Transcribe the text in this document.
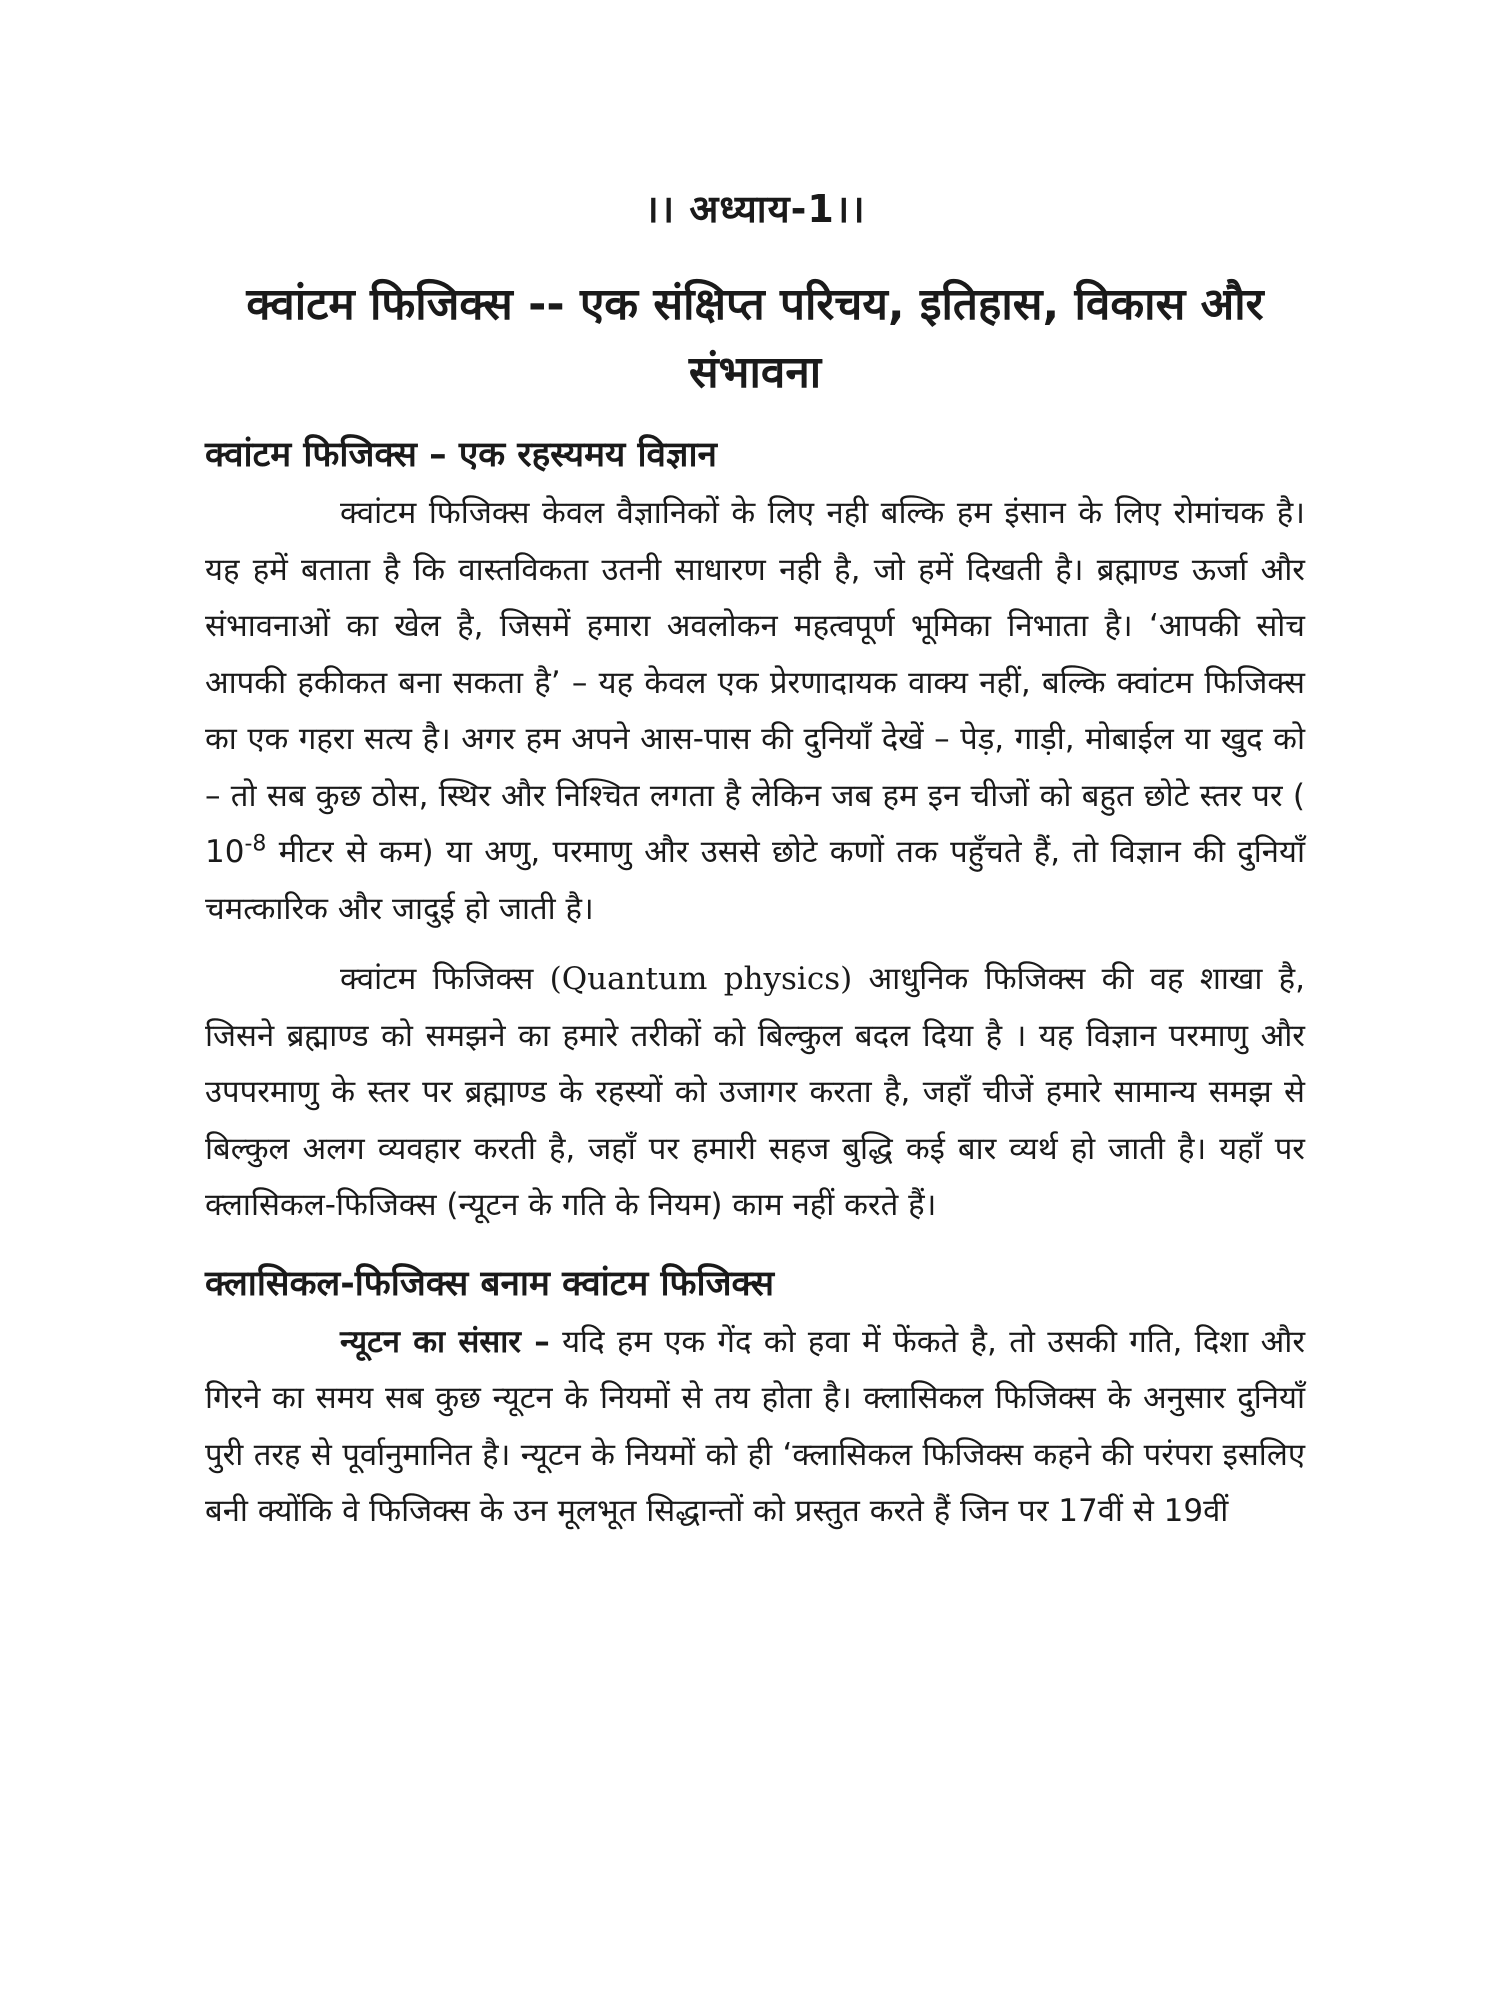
।। अध्याय-1।।
क्वांटम फिजिक्स -- एक संक्षिप्त परिचय, इतिहास, विकास और संभावना
क्वांटम फिजिक्स – एक रहस्यमय विज्ञान

क्वांटम फिजिक्स केवल वैज्ञानिकों के लिए नही बल्कि हम इंसान के लिए रोमांचक है। यह हमें बताता है कि वास्तविकता उतनी साधारण नही है, जो हमें दिखती है। ब्रह्माण्ड ऊर्जा और संभावनाओं का खेल है, जिसमें हमारा अवलोकन महत्वपूर्ण भूमिका निभाता है। ‘आपकी सोच आपकी हकीकत बना सकता है’ – यह केवल एक प्रेरणादायक वाक्य नहीं, बल्कि क्वांटम फिजिक्स का एक गहरा सत्य है। अगर हम अपने आस-पास की दुनियाँ देखें – पेड़, गाड़ी, मोबाईल या खुद को – तो सब कुछ ठोस, स्थिर और निश्चित लगता है लेकिन जब हम इन चीजों को बहुत छोटे स्तर पर ( $10^{-8}$ मीटर से कम) या अणु, परमाणु और उससे छोटे कणों तक पहुँचते हैं, तो विज्ञान की दुनियाँ चमत्कारिक और जादुई हो जाती है।

क्वांटम फिजिक्स (Quantum physics) आधुनिक फिजिक्स की वह शाखा है, जिसने ब्रह्माण्ड को समझने का हमारे तरीकों को बिल्कुल बदल दिया है । यह विज्ञान परमाणु और उपपरमाणु के स्तर पर ब्रह्माण्ड के रहस्यों को उजागर करता है, जहाँ चीजें हमारे सामान्य समझ से बिल्कुल अलग व्यवहार करती है, जहाँ पर हमारी सहज बुद्धि कई बार व्यर्थ हो जाती है। यहाँ पर क्लासिकल-फिजिक्स (न्यूटन के गति के नियम) काम नहीं करते हैं।

क्लासिकल-फिजिक्स बनाम क्वांटम फिजिक्स

न्यूटन का संसार – यदि हम एक गेंद को हवा में फेंकते है, तो उसकी गति, दिशा और गिरने का समय सब कुछ न्यूटन के नियमों से तय होता है। क्लासिकल फिजिक्स के अनुसार दुनियाँ पुरी तरह से पूर्वानुमानित है। न्यूटन के नियमों को ही ‘क्लासिकल फिजिक्स कहने की परंपरा इसलिए बनी क्योंकि वे फिजिक्स के उन मूलभूत सिद्धान्तों को प्रस्तुत करते हैं जिन पर 17वीं से 19वीं
